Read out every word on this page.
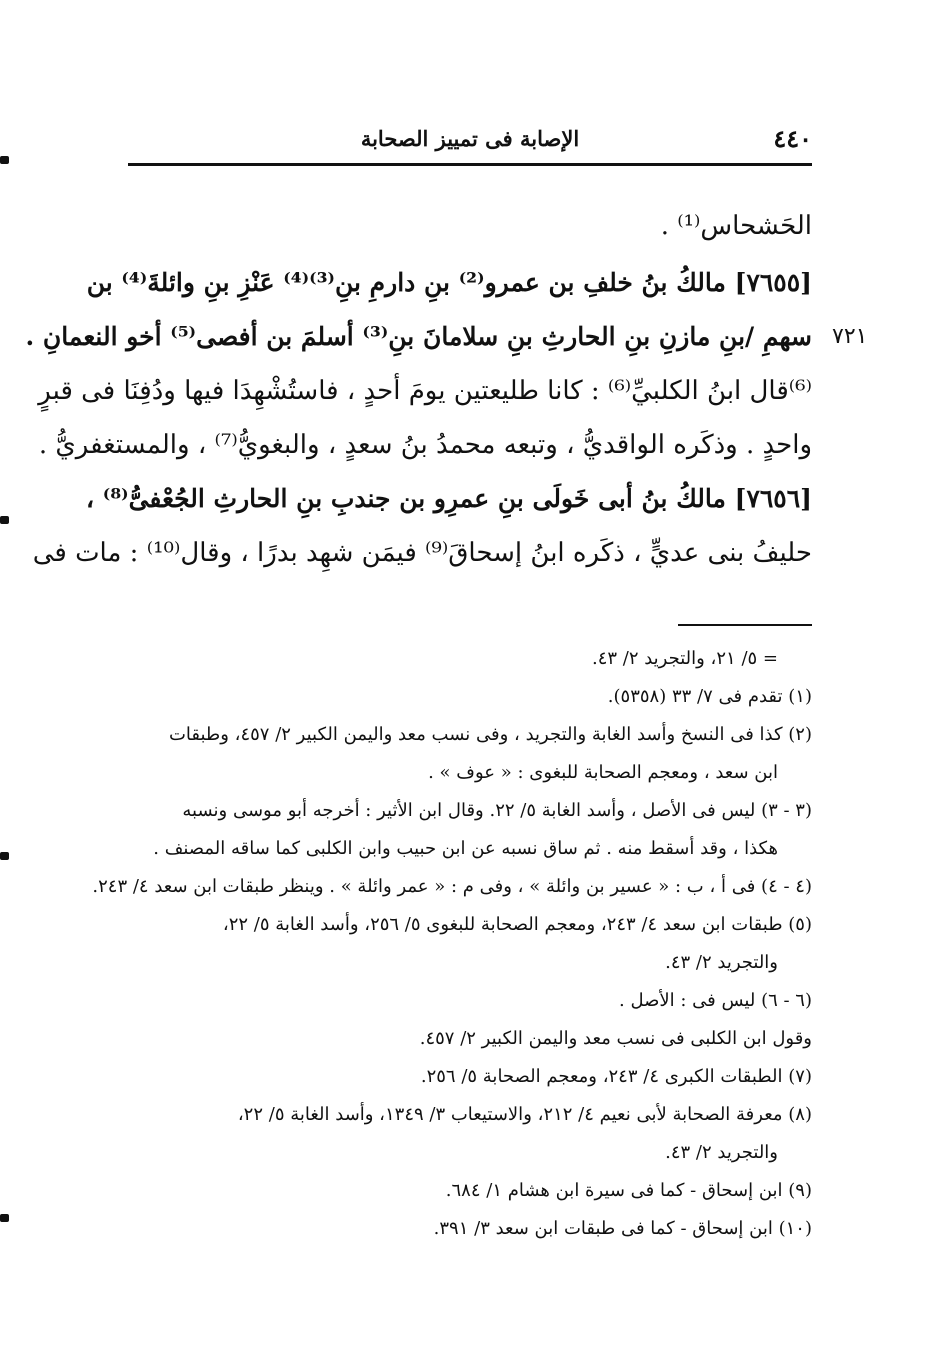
٤٤٠
الإصابة فى تمييز الصحابة
٧٢١
الحَشحاس⁽¹⁾ .
[٧٦٥٥] مالكُ بنُ خلفِ بن عمرو⁽²⁾ بنِ دارمِ بنِ⁽³⁾⁽⁴⁾ عَنْزِ بنِ وائلةَ⁽⁴⁾ بن
سهمِ /بنِ مازنِ بنِ الحارثِ بنِ سلامانَ بنِ⁽³⁾ أسلمَ بن أفصى⁽⁵⁾ أخو النعمانِ .
⁽⁶⁾قال ابنُ الكلبيِّ⁽⁶⁾ : كانا طليعتين يومَ أحدٍ ، فاستُشْهِدَا فيها ودُفِنَا فى قبرٍ
واحدٍ . وذكَره الواقديُّ ، وتبعه محمدُ بنُ سعدٍ ، والبغويُّ⁽⁷⁾ ، والمستغفريُّ .
[٧٦٥٦] مالكُ بنُ أبى خَولَى بنِ عمرِو بن جندبِ بنِ الحارثِ الجُعْفىُّ⁽⁸⁾ ،
حليفُ بنى عديٍّ ، ذكَره ابنُ إسحاقَ⁽⁹⁾ فيمَن شهِد بدرًا ، وقال⁽¹⁰⁾ : مات فى
= ٥/ ٢١، والتجريد ٢/ ٤٣.
(١) تقدم فى ٧/ ٣٣ (٥٣٥٨).
(٢) كذا فى النسخ وأسد الغابة والتجريد ، وفى نسب معد واليمن الكبير ٢/ ٤٥٧، وطبقات
ابن سعد ، ومعجم الصحابة للبغوى : « عوف » .
(٣ - ٣) ليس فى الأصل ، وأسد الغابة ٥/ ٢٢. وقال ابن الأثير : أخرجه أبو موسى ونسبه
هكذا ، وقد أسقط منه . ثم ساق نسبه عن ابن حبيب وابن الكلبى كما ساقه المصنف .
(٤ - ٤) فى أ ، ب : « عسير بن وائلة » ، وفى م : « عمر وائلة » . وينظر طبقات ابن سعد ٤/ ٢٤٣.
(٥) طبقات ابن سعد ٤/ ٢٤٣، ومعجم الصحابة للبغوى ٥/ ٢٥٦، وأسد الغابة ٥/ ٢٢،
والتجريد ٢/ ٤٣.
(٦ - ٦) ليس فى : الأصل .
وقول ابن الكلبى فى نسب معد واليمن الكبير ٢/ ٤٥٧.
(٧) الطبقات الكبرى ٤/ ٢٤٣، ومعجم الصحابة ٥/ ٢٥٦.
(٨) معرفة الصحابة لأبى نعيم ٤/ ٢١٢، والاستيعاب ٣/ ١٣٤٩، وأسد الغابة ٥/ ٢٢،
والتجريد ٢/ ٤٣.
(٩) ابن إسحاق - كما فى سيرة ابن هشام ١/ ٦٨٤.
(١٠) ابن إسحاق - كما فى طبقات ابن سعد ٣/ ٣٩١.
